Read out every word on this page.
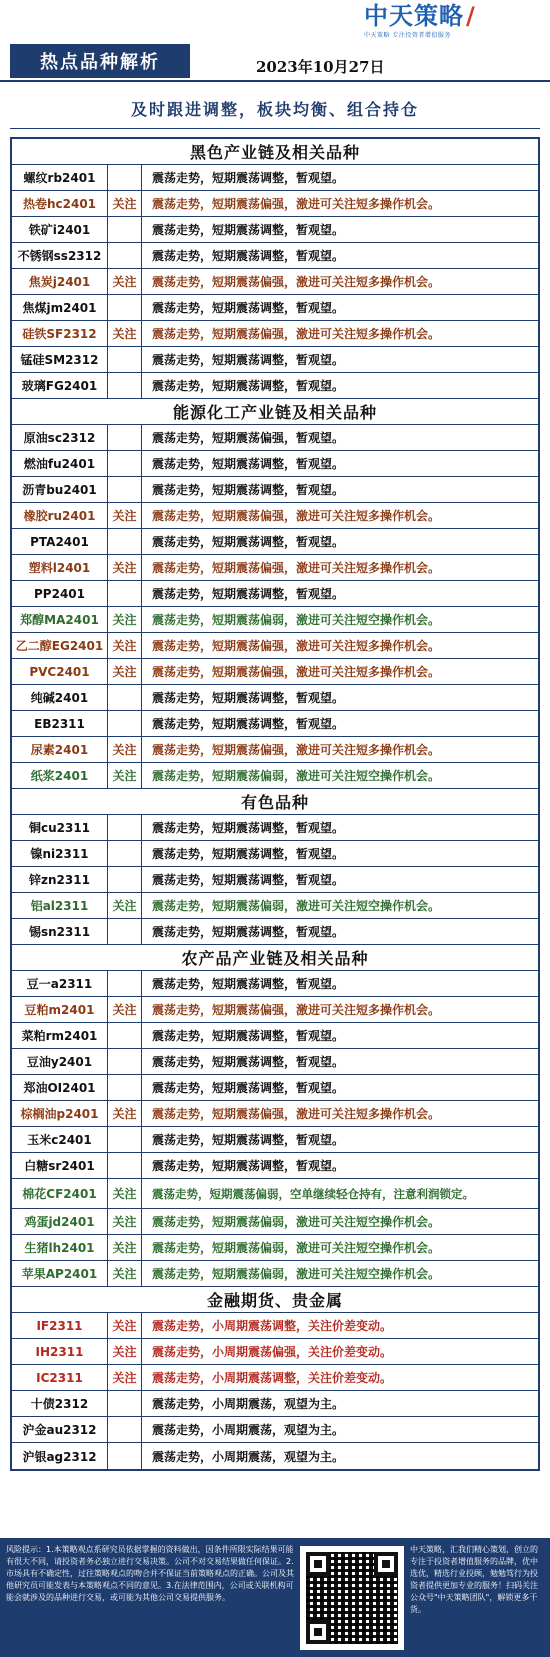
中天策略 /
中天策略 专注投资者增值服务
热点品种解析	2023年10月27日
及时跟进调整，板块均衡、组合持仓
黑色产业链及相关品种
螺纹rb2401	震荡走势，短期震荡调整，暂观望。
热卷hc2401	关注	震荡走势，短期震荡偏强，激进可关注短多操作机会。
铁矿i2401	震荡走势，短期震荡调整，暂观望。
不锈钢ss2312	震荡走势，短期震荡调整，暂观望。
焦炭j2401	关注	震荡走势，短期震荡偏强，激进可关注短多操作机会。
焦煤jm2401	震荡走势，短期震荡调整，暂观望。
硅铁SF2312	关注	震荡走势，短期震荡偏强，激进可关注短多操作机会。
锰硅SM2312	震荡走势，短期震荡调整，暂观望。
玻璃FG2401	震荡走势，短期震荡调整，暂观望。
能源化工产业链及相关品种
原油sc2312	震荡走势，短期震荡偏强，暂观望。
燃油fu2401	震荡走势，短期震荡调整，暂观望。
沥青bu2401	震荡走势，短期震荡调整，暂观望。
橡胶ru2401	关注	震荡走势，短期震荡偏强，激进可关注短多操作机会。
PTA2401	震荡走势，短期震荡调整，暂观望。
塑料l2401	关注	震荡走势，短期震荡偏强，激进可关注短多操作机会。
PP2401	震荡走势，短期震荡调整，暂观望。
郑醇MA2401	关注	震荡走势，短期震荡偏弱，激进可关注短空操作机会。
乙二醇EG2401 关注	震荡走势，短期震荡偏强，激进可关注短多操作机会。
PVC2401	关注	震荡走势，短期震荡偏强，激进可关注短多操作机会。
纯碱2401	震荡走势，短期震荡调整，暂观望。
EB2311	震荡走势，短期震荡调整，暂观望。
尿素2401	关注	震荡走势，短期震荡偏强，激进可关注短多操作机会。
纸浆2401	关注	震荡走势，短期震荡偏弱，激进可关注短空操作机会。
有色品种
铜cu2311	震荡走势，短期震荡调整，暂观望。
镍ni2311	震荡走势，短期震荡调整，暂观望。
锌zn2311	震荡走势，短期震荡调整，暂观望。
铝al2311	关注	震荡走势，短期震荡偏弱，激进可关注短空操作机会。
锡sn2311	震荡走势，短期震荡调整，暂观望。
农产品产业链及相关品种
豆一a2311	震荡走势，短期震荡调整，暂观望。
豆粕m2401	关注	震荡走势，短期震荡偏强，激进可关注短多操作机会。
菜粕rm2401	震荡走势，短期震荡调整，暂观望。
豆油y2401	震荡走势，短期震荡调整，暂观望。
郑油OI2401	震荡走势，短期震荡调整，暂观望。
棕榈油p2401	关注	震荡走势，短期震荡偏强，激进可关注短多操作机会。
玉米c2401	震荡走势，短期震荡调整，暂观望。
白糖sr2401	震荡走势，短期震荡调整，暂观望。
棉花CF2401	关注	震荡走势，短期震荡偏弱，空单继续轻仓持有，注意利润锁定。
鸡蛋jd2401	关注	震荡走势，短期震荡偏弱，激进可关注短空操作机会。
生猪lh2401	关注	震荡走势，短期震荡偏弱，激进可关注短空操作机会。
苹果AP2401	关注	震荡走势，短期震荡偏弱，激进可关注短空操作机会。
金融期货、贵金属
IF2311	关注	震荡走势，小周期震荡调整，关注价差变动。
IH2311	关注	震荡走势，小周期震荡偏强，关注价差变动。
IC2311	关注	震荡走势，小周期震荡调整，关注价差变动。
十债2312	震荡走势，小周期震荡，观望为主。
沪金au2312	震荡走势，小周期震荡，观望为主。
沪银ag2312	震荡走势，小周期震荡，观望为主。
风险提示：1.本策略观点系研究员依据掌握的资料做出，因条件所限实际结果可能有很大不同，请投资者务必独立进行交易决策。公司不对交易结果做任何保证。2.市场具有不确定性，过往策略观点的吻合并不保证当前策略观点的正确。公司及其他研究员可能发表与本策略观点不同的意见。3.在法律范围内，公司或关联机构可能会就涉及的品种进行交易，或可能为其他公司交易提供服务。
中天策略，汇我们精心策划，创立的专注于投资者增值服务的品牌，优中选优，精选行业投顾，勉勉笃行为投资者提供更加专业的服务！扫码关注公众号"中天策略团队"，解锁更多干货。
